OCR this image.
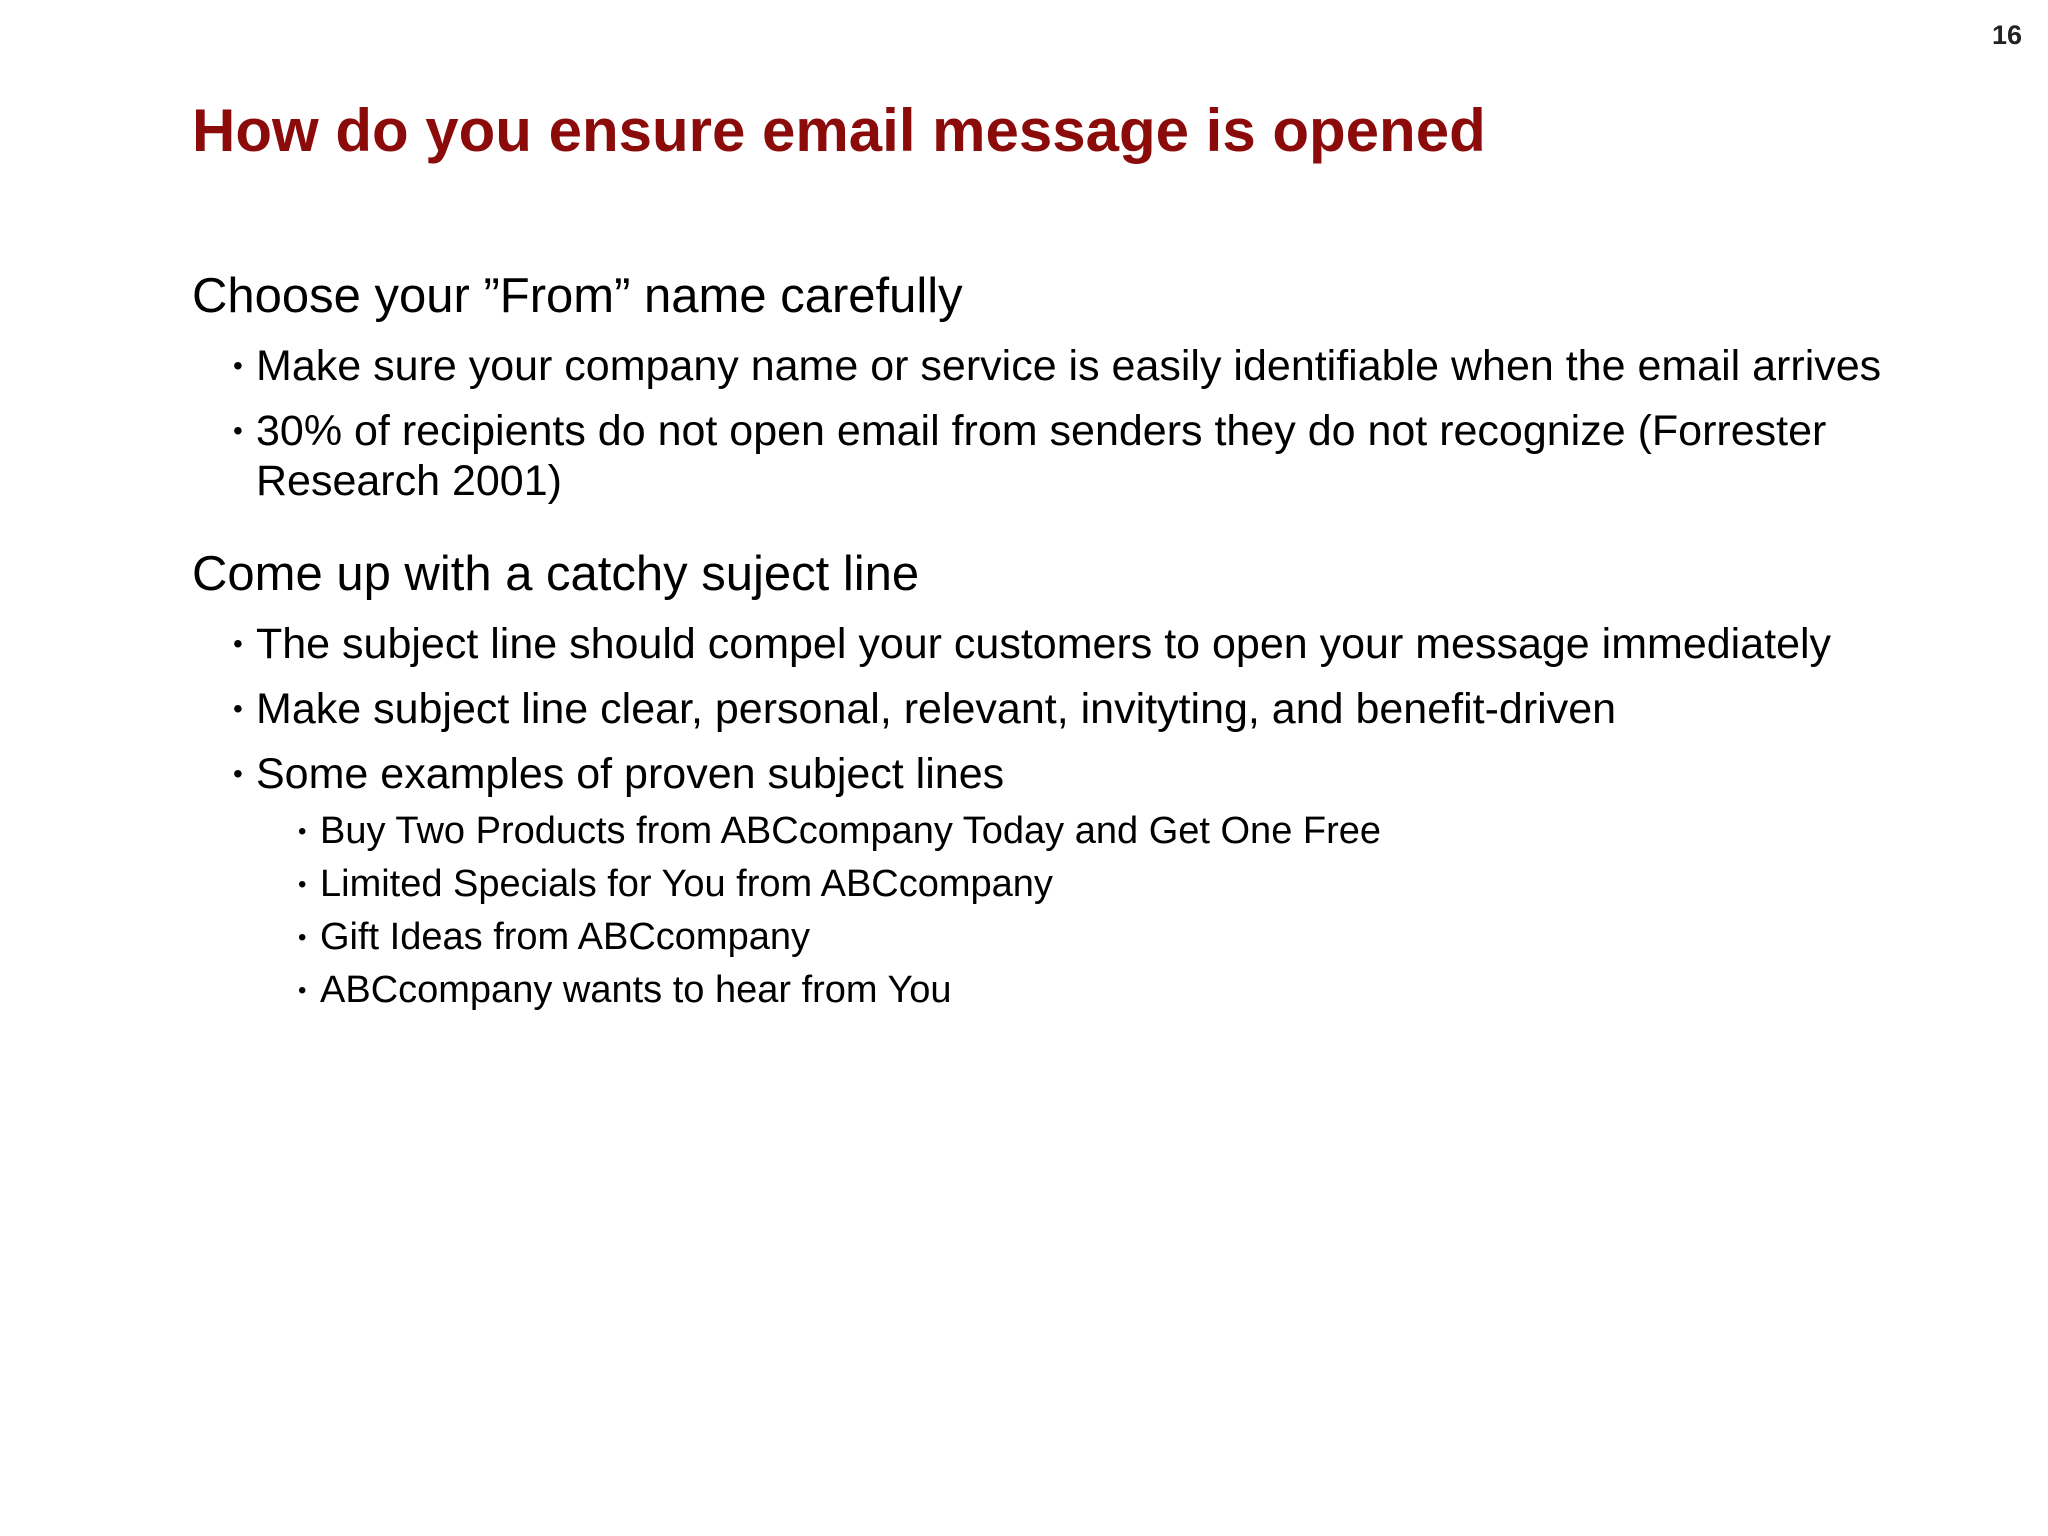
16
How do you ensure email message is opened

Choose your ”From” name carefully

• Make sure your company name or service is easily identifiable when the email arrives
• 30% of recipients do not open email from senders they do not recognize (Forrester Research 2001)

Come up with a catchy suject line

• The subject line should compel your customers to open your message immediately
• Make subject line clear, personal, relevant, invityting, and benefit-driven
• Some examples of proven subject lines
• Buy Two Products from ABCcompany Today and Get One Free
• Limited Specials for You from ABCcompany
• Gift Ideas from ABCcompany
• ABCcompany wants to hear from You
